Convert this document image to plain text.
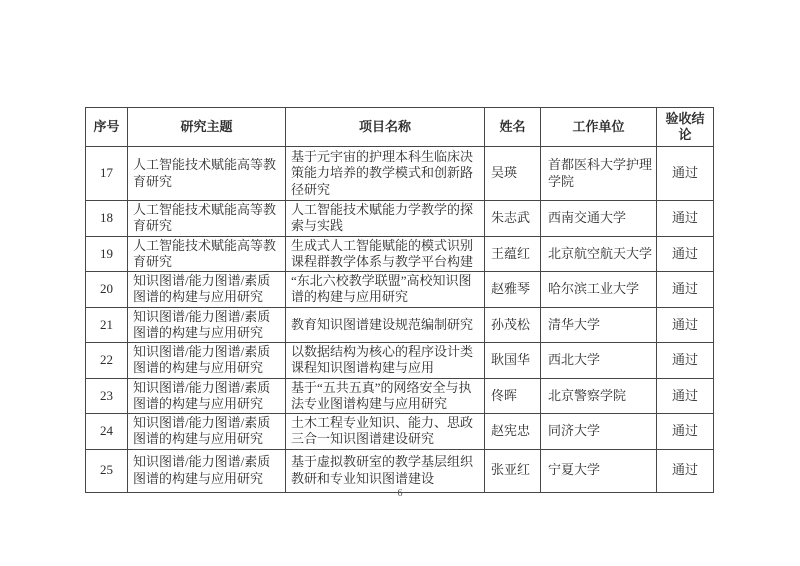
序号	研究主题	项目名称	姓名	工作单位	验收结论
17	人工智能技术赋能高等教育研究	基于元宇宙的护理本科生临床决策能力培养的教学模式和创新路径研究	吴瑛	首都医科大学护理学院	通过
18	人工智能技术赋能高等教育研究	人工智能技术赋能力学教学的探索与实践	朱志武	西南交通大学	通过
19	人工智能技术赋能高等教育研究	生成式人工智能赋能的模式识别课程群教学体系与教学平台构建	王蕴红	北京航空航天大学	通过
20	知识图谱/能力图谱/素质图谱的构建与应用研究	“东北六校教学联盟”高校知识图谱的构建与应用研究	赵雅琴	哈尔滨工业大学	通过
21	知识图谱/能力图谱/素质图谱的构建与应用研究	教育知识图谱建设规范编制研究	孙茂松	清华大学	通过
22	知识图谱/能力图谱/素质图谱的构建与应用研究	以数据结构为核心的程序设计类课程知识图谱构建与应用	耿国华	西北大学	通过
23	知识图谱/能力图谱/素质图谱的构建与应用研究	基于“五共五真”的网络安全与执法专业图谱构建与应用研究	佟晖	北京警察学院	通过
24	知识图谱/能力图谱/素质图谱的构建与应用研究	土木工程专业知识、能力、思政三合一知识图谱建设研究	赵宪忠	同济大学	通过
25	知识图谱/能力图谱/素质图谱的构建与应用研究	基于虚拟教研室的教学基层组织教研和专业知识图谱建设	张亚红	宁夏大学	通过
6
